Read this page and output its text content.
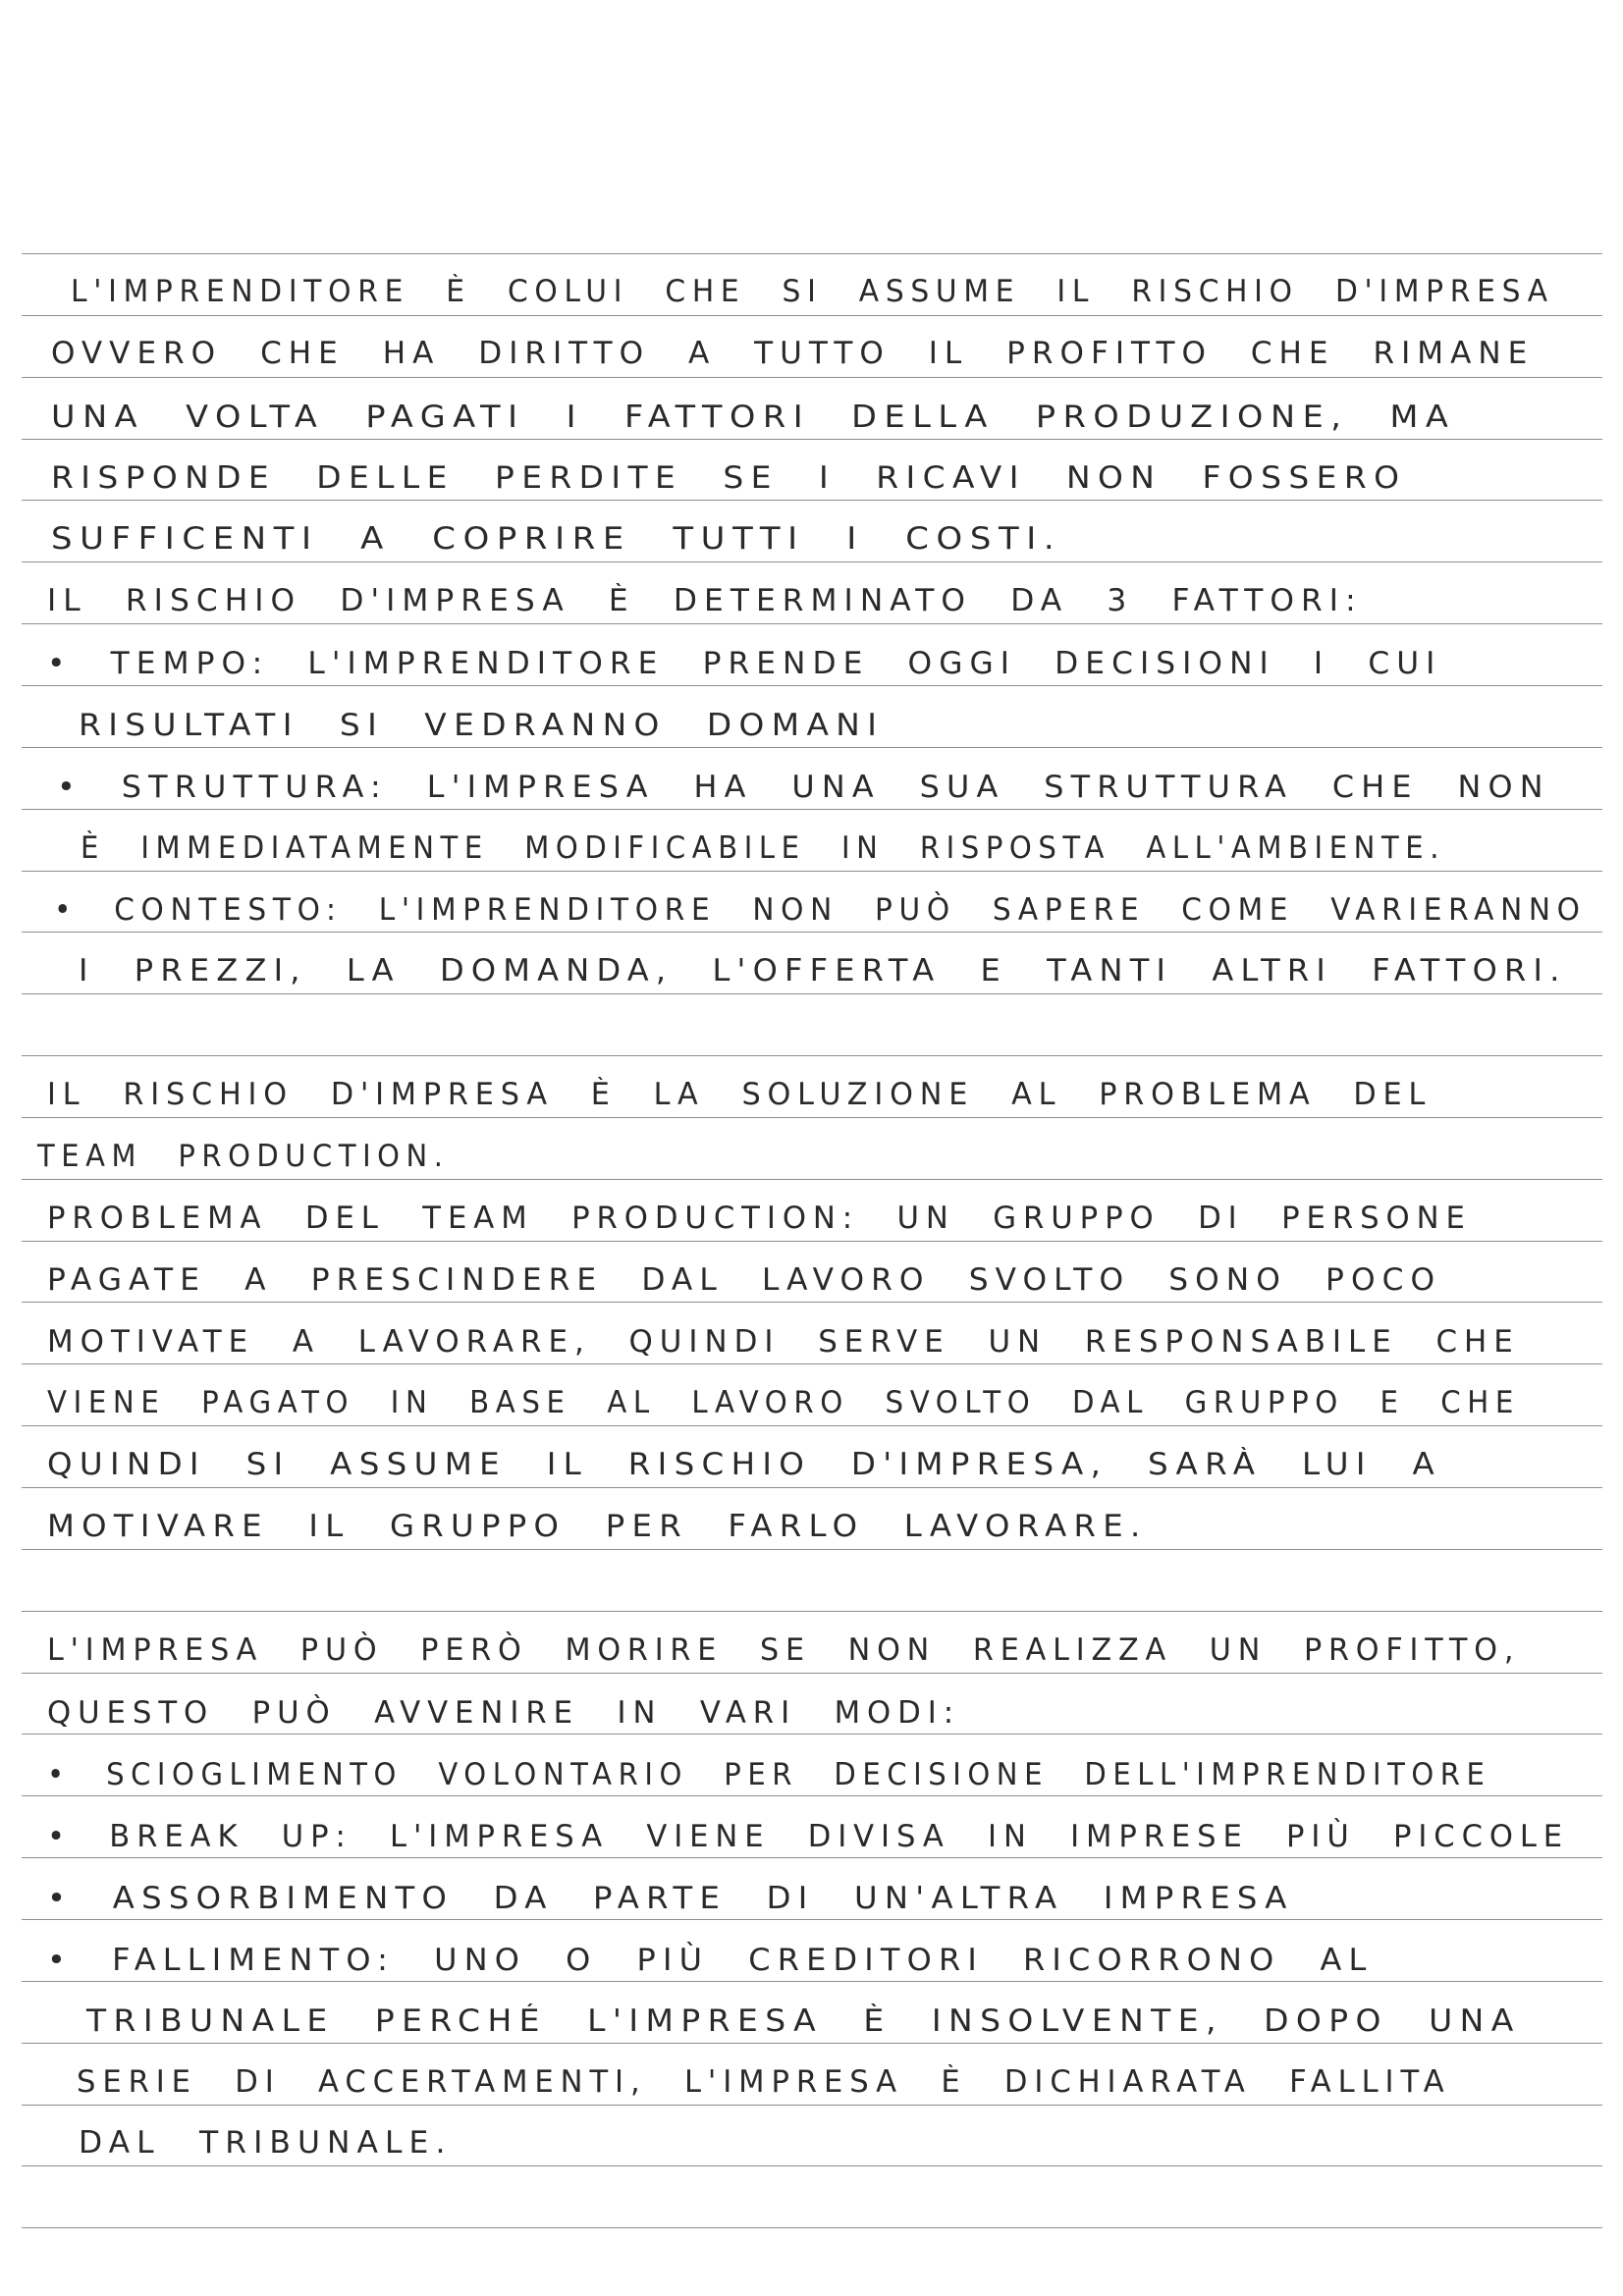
L'IMPRENDITORE È COLUI CHE SI ASSUME IL RISCHIO D'IMPRESA
OVVERO CHE HA DIRITTO A TUTTO IL PROFITTO CHE RIMANE
UNA VOLTA PAGATI I FATTORI DELLA PRODUZIONE, MA
RISPONDE DELLE PERDITE SE I RICAVI NON FOSSERO
SUFFICENTI A COPRIRE TUTTI I COSTI.
IL RISCHIO D'IMPRESA È DETERMINATO DA 3 FATTORI:
• TEMPO: L'IMPRENDITORE PRENDE OGGI DECISIONI I CUI
RISULTATI SI VEDRANNO DOMANI
• STRUTTURA: L'IMPRESA HA UNA SUA STRUTTURA CHE NON
È IMMEDIATAMENTE MODIFICABILE IN RISPOSTA ALL'AMBIENTE.
• CONTESTO: L'IMPRENDITORE NON PUÒ SAPERE COME VARIERANNO
I PREZZI, LA DOMANDA, L'OFFERTA E TANTI ALTRI FATTORI.
IL RISCHIO D'IMPRESA È LA SOLUZIONE AL PROBLEMA DEL
TEAM PRODUCTION.
PROBLEMA DEL TEAM PRODUCTION: UN GRUPPO DI PERSONE
PAGATE A PRESCINDERE DAL LAVORO SVOLTO SONO POCO
MOTIVATE A LAVORARE, QUINDI SERVE UN RESPONSABILE CHE
VIENE PAGATO IN BASE AL LAVORO SVOLTO DAL GRUPPO E CHE
QUINDI SI ASSUME IL RISCHIO D'IMPRESA, SARÀ LUI A
MOTIVARE IL GRUPPO PER FARLO LAVORARE.
L'IMPRESA PUÒ PERÒ MORIRE SE NON REALIZZA UN PROFITTO,
QUESTO PUÒ AVVENIRE IN VARI MODI:
• SCIOGLIMENTO VOLONTARIO PER DECISIONE DELL'IMPRENDITORE
• BREAK UP: L'IMPRESA VIENE DIVISA IN IMPRESE PIÙ PICCOLE
• ASSORBIMENTO DA PARTE DI UN'ALTRA IMPRESA
• FALLIMENTO: UNO O PIÙ CREDITORI RICORRONO AL
TRIBUNALE PERCHÉ L'IMPRESA È INSOLVENTE, DOPO UNA
SERIE DI ACCERTAMENTI, L'IMPRESA È DICHIARATA FALLITA
DAL TRIBUNALE.
